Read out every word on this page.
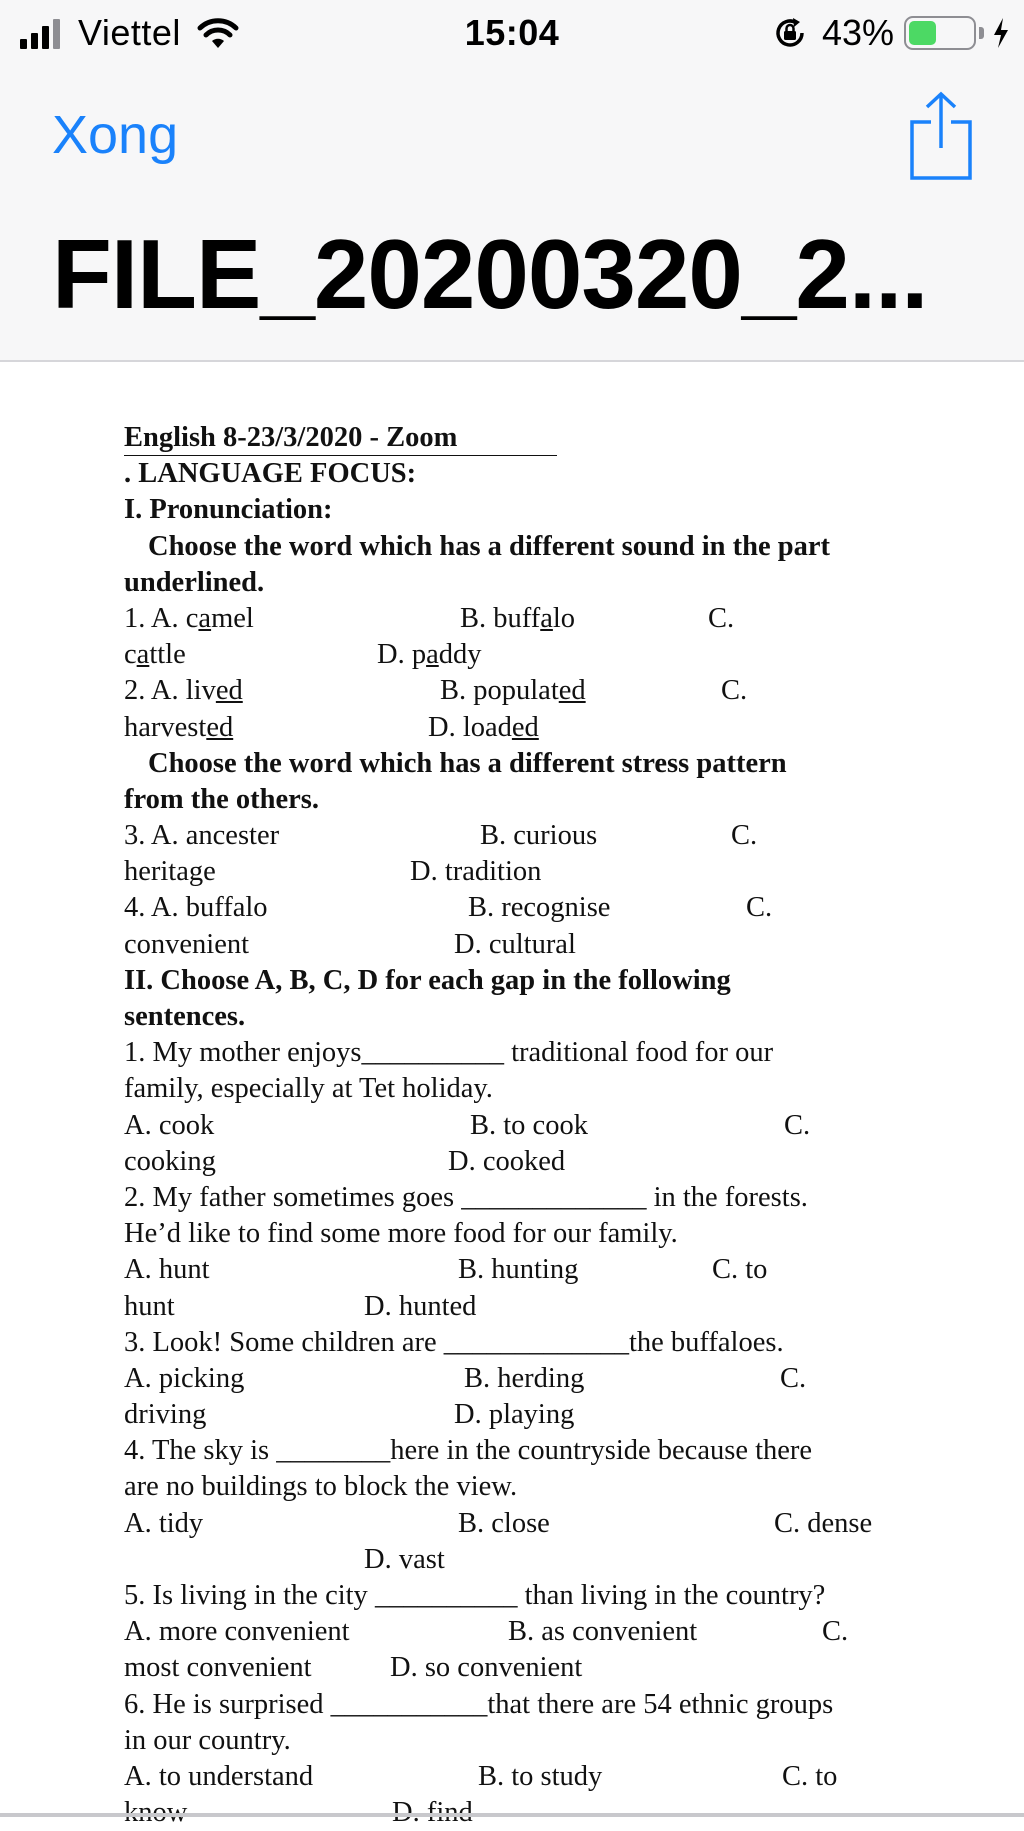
Viettel	15:04	43%
Xong
FILE_20200320_2...
English 8-23/3/2020 - Zoom
. LANGUAGE FOCUS:
I. Pronunciation:
Choose the word which has a different sound in the part
underlined.
1. A. camel	B. buffalo	C.
cattle	D. paddy
2. A. lived	B. populated	C.
harvested	D. loaded
Choose the word which has a different stress pattern
from the others.
3. A. ancester	B. curious	C.
heritage	D. tradition
4. A. buffalo	B. recognise	C.
convenient	D. cultural
II. Choose A, B, C, D for each gap in the following
sentences.
1. My mother enjoys__________ traditional food for our
family, especially at Tet holiday.
A. cook	B. to cook	C.
cooking	D. cooked
2. My father sometimes goes _____________ in the forests.
He’d like to find some more food for our family.
A. hunt	B. hunting	C. to
hunt	D. hunted
3. Look! Some children are _____________the buffaloes.
A. picking	B. herding	C.
driving	D. playing
4. The sky is ________here in the countryside because there
are no buildings to block the view.
A. tidy	B. close	C. dense
D. vast
5. Is living in the city __________ than living in the country?
A. more convenient	B. as convenient	C.
most convenient	D. so convenient
6. He is surprised ___________that there are 54 ethnic groups
in our country.
A. to understand	B. to study	C. to
